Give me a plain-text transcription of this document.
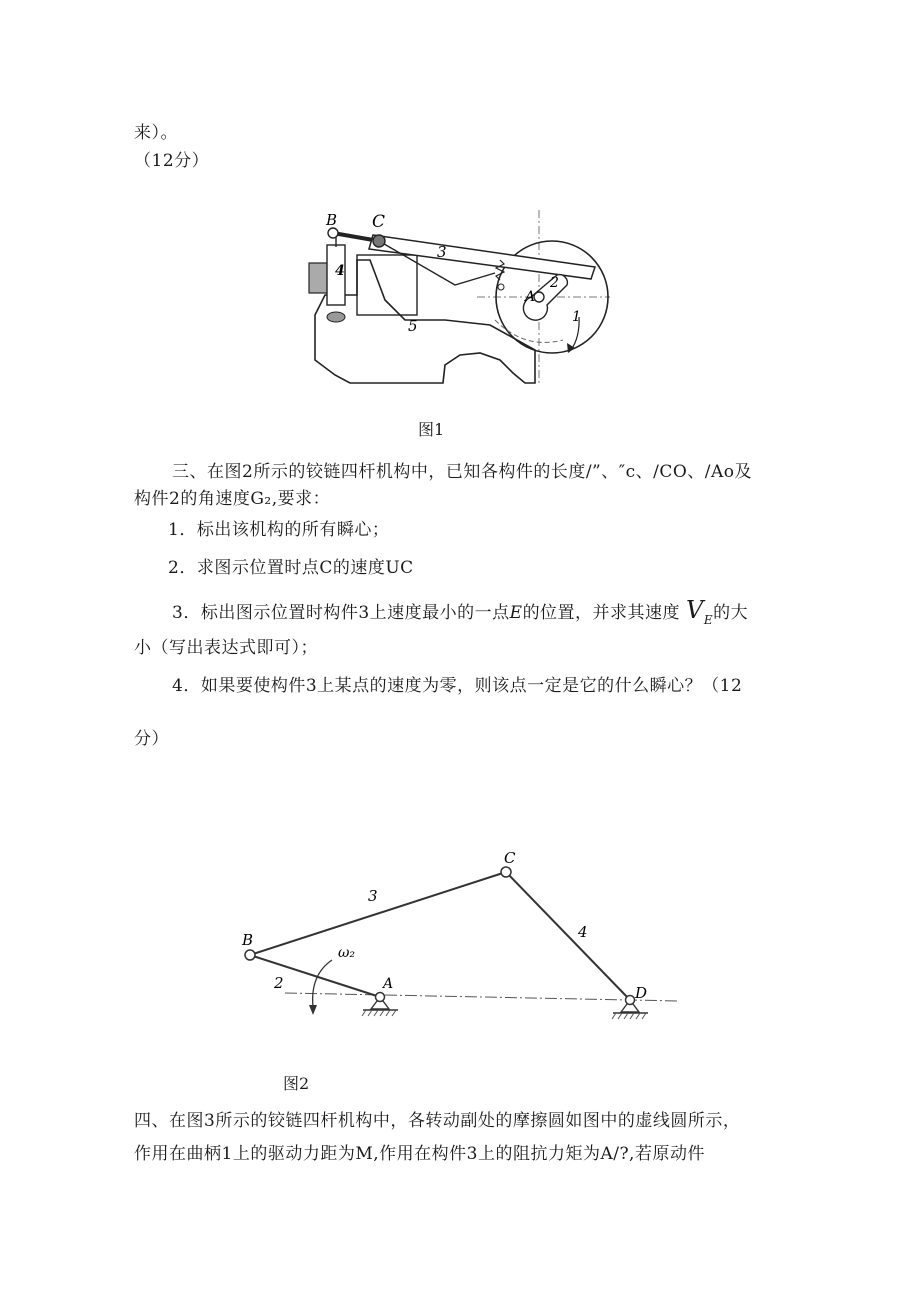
来）。
（12分）
B C
3
4
5
2
A
1
图1
三、在图2所示的铰链四杆机构中，已知各构件的长度/”、″c、/CO、/Ao及
构件2的角速度G₂,要求：
1．标出该机构的所有瞬心；
2．求图示位置时点C的速度UC
3．标出图示位置时构件3上速度最小的一点E的位置，并求其速度 $V_E$的大
小（写出表达式即可）；
4．如果要使构件3上某点的速度为零，则该点一定是它的什么瞬心？（12
分）
B
C
A	D
2
3
4
ω₂
图2
四、在图3所示的铰链四杆机构中，各转动副处的摩擦圆如图中的虚线圆所示，
作用在曲柄1上的驱动力距为M,作用在构件3上的阻抗力矩为A/?,若原动件
